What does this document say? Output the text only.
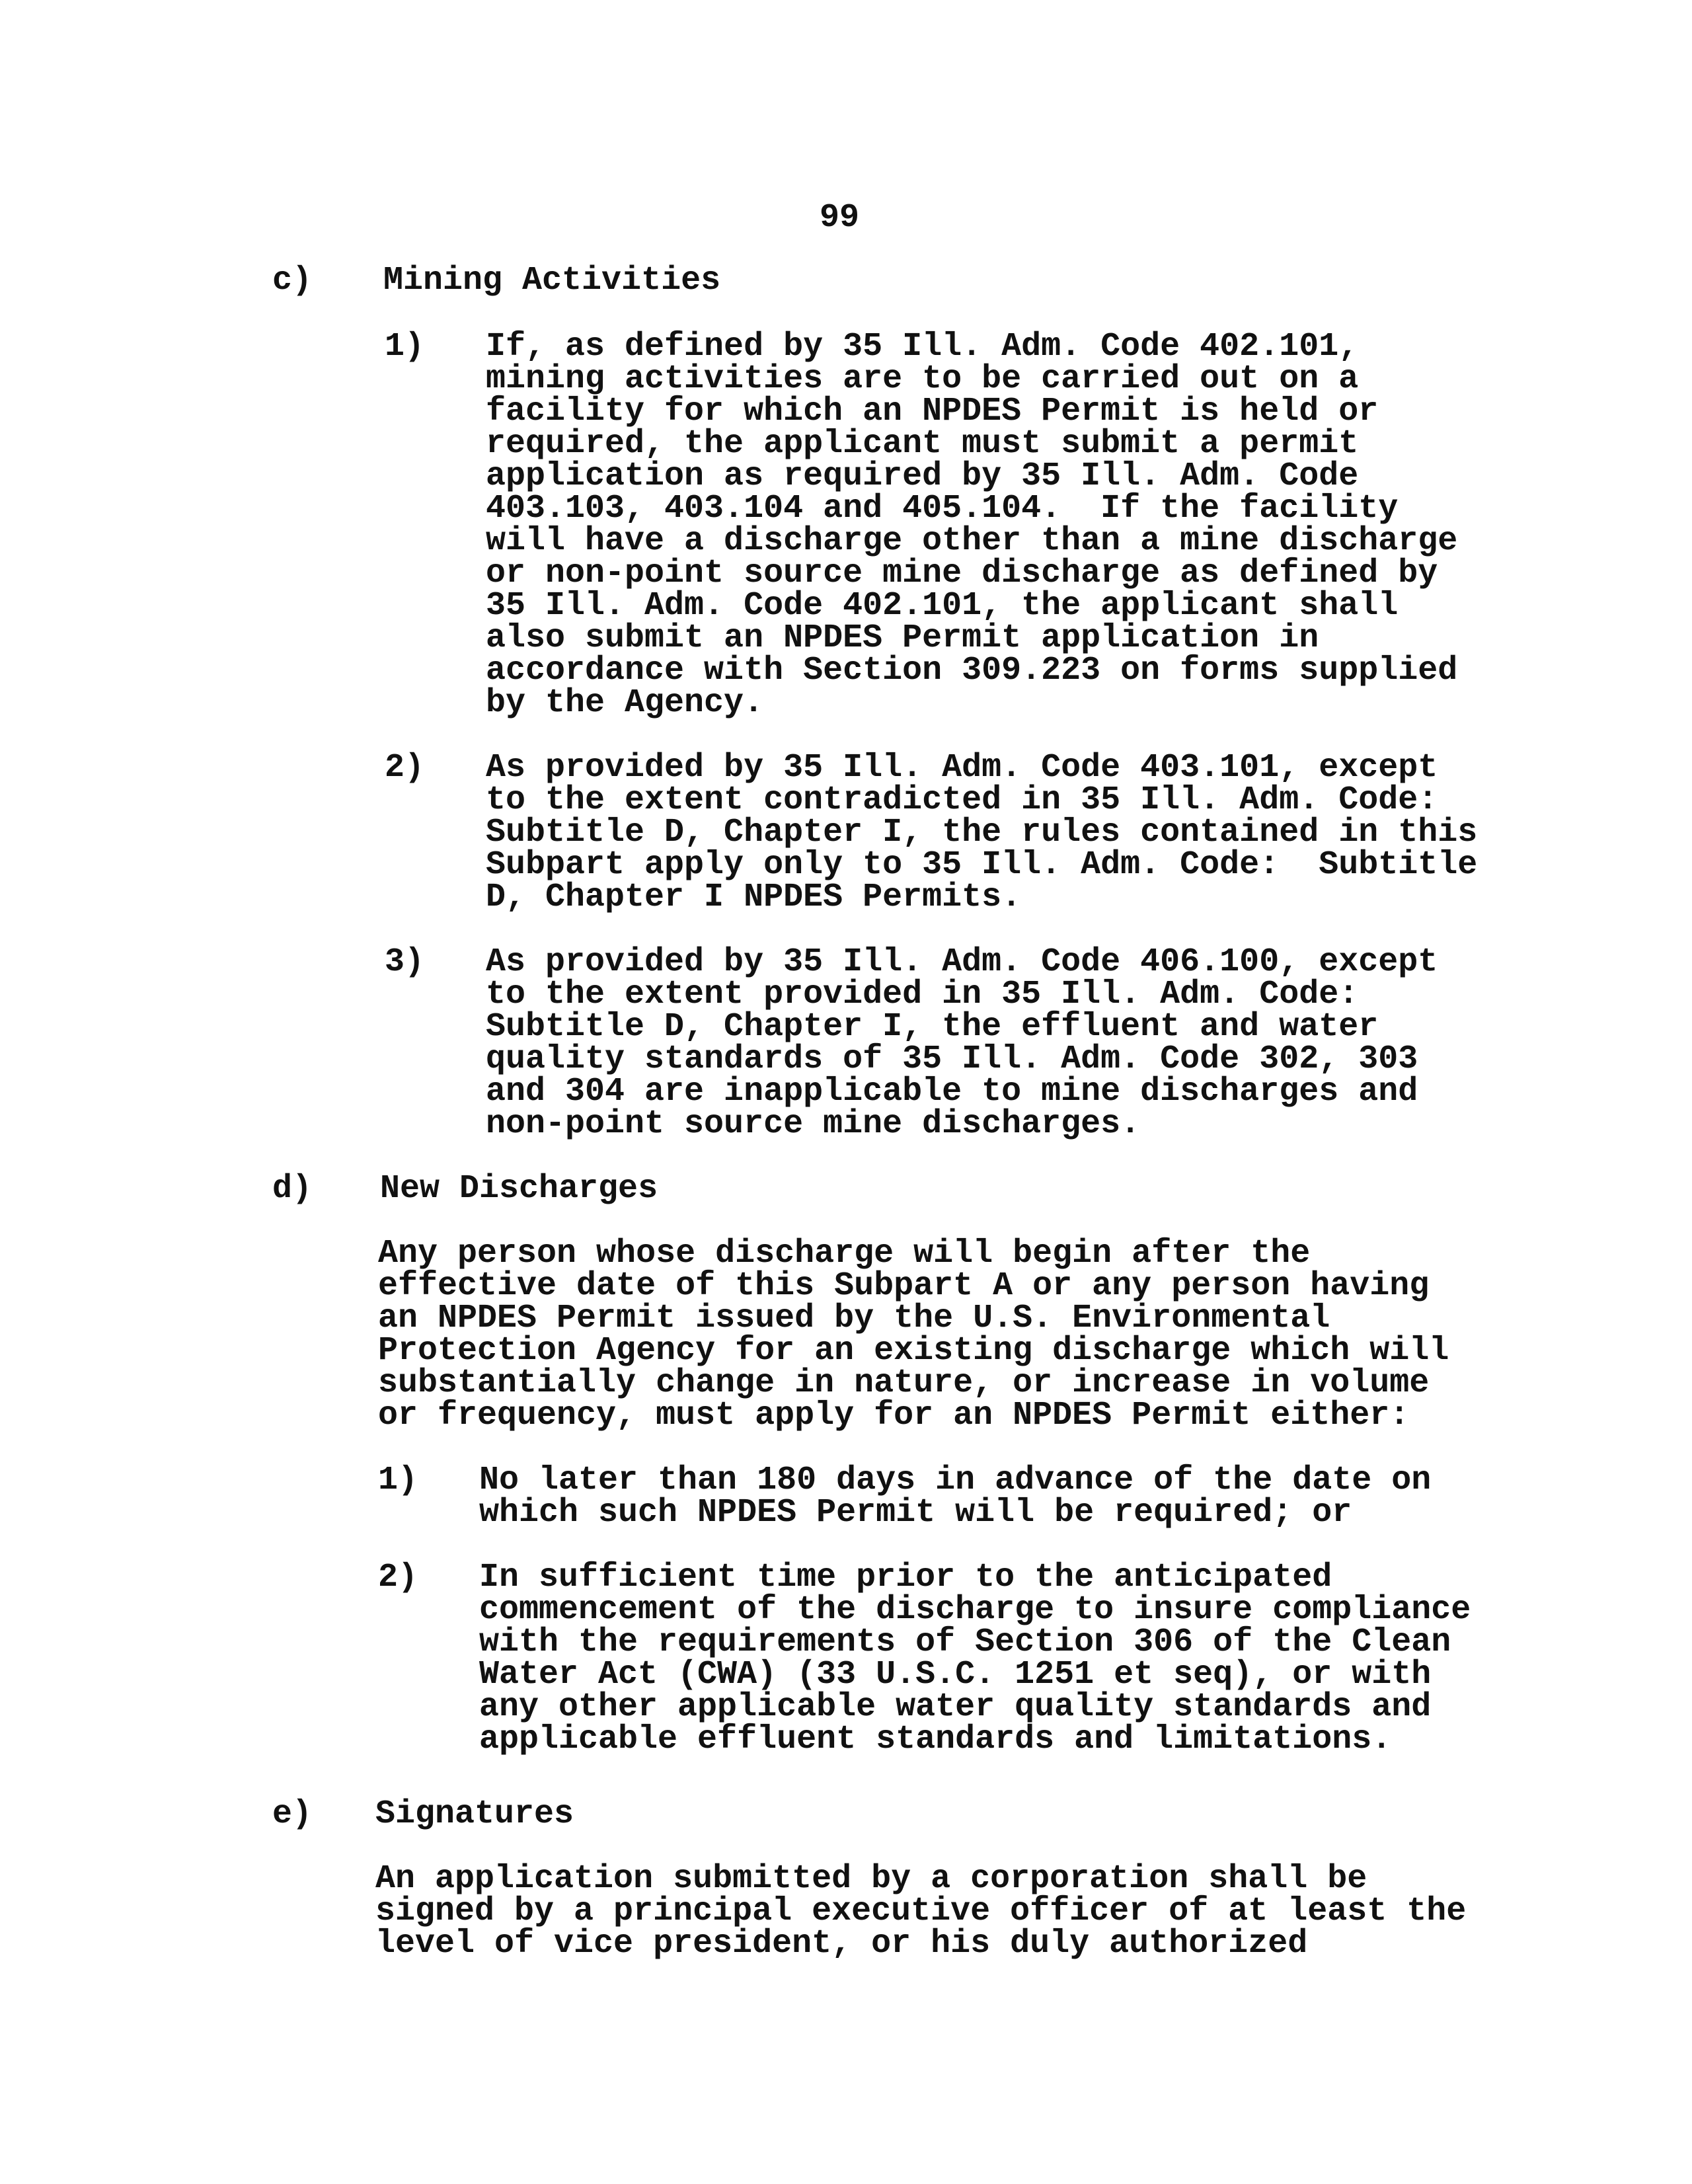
99
c) Mining Activities
1) If, as defined by 35 Ill. Adm. Code 402.101,
mining activities are to be carried out on a
facility for which an NPDES Permit is held or
required, the applicant must submit a permit
application as required by 35 Ill. Adm. Code
403.103, 403.104 and 405.104.  If the facility
will have a discharge other than a mine discharge
or non-point source mine discharge as defined by
35 Ill. Adm. Code 402.101, the applicant shall
also submit an NPDES Permit application in
accordance with Section 309.223 on forms supplied
by the Agency.
2) As provided by 35 Ill. Adm. Code 403.101, except
to the extent contradicted in 35 Ill. Adm. Code:
Subtitle D, Chapter I, the rules contained in this
Subpart apply only to 35 Ill. Adm. Code:  Subtitle
D, Chapter I NPDES Permits.
3) As provided by 35 Ill. Adm. Code 406.100, except
to the extent provided in 35 Ill. Adm. Code:
Subtitle D, Chapter I, the effluent and water
quality standards of 35 Ill. Adm. Code 302, 303
and 304 are inapplicable to mine discharges and
non-point source mine discharges.
d) New Discharges
Any person whose discharge will begin after the
effective date of this Subpart A or any person having
an NPDES Permit issued by the U.S. Environmental
Protection Agency for an existing discharge which will
substantially change in nature, or increase in volume
or frequency, must apply for an NPDES Permit either:
1) No later than 180 days in advance of the date on
which such NPDES Permit will be required; or
2) In sufficient time prior to the anticipated
commencement of the discharge to insure compliance
with the requirements of Section 306 of the Clean
Water Act (CWA) (33 U.S.C. 1251 et seq), or with
any other applicable water quality standards and
applicable effluent standards and limitations.
e) Signatures
An application submitted by a corporation shall be
signed by a principal executive officer of at least the
level of vice president, or his duly authorized
